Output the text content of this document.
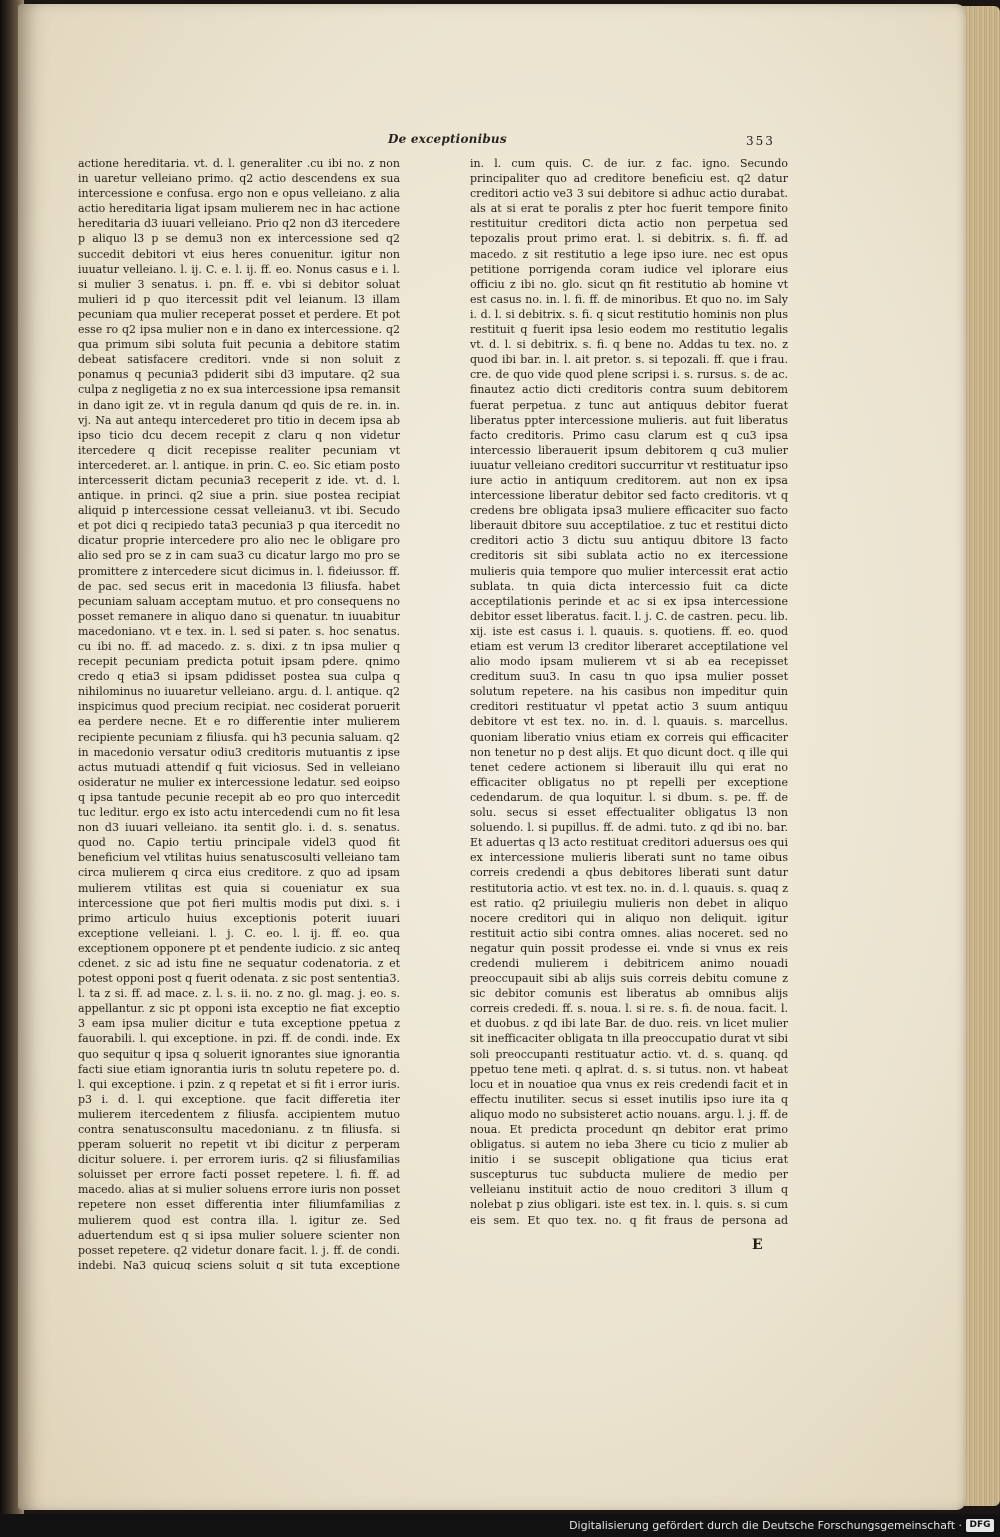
De exceptionibus	353

actione hereditaria. vt. d. l. generaliter .cu ibi no. z non in uaretur velleiano primo. q2 actio descendens ex sua intercessione e confusa. ergo non e opus velleiano. z alia actio hereditaria ligat ipsam mulierem nec in hac actione hereditaria d3 iuuari velleiano. Prio q2 non d3 itercedere p aliquo l3 p se demu3 non ex intercessione sed q2 succedit debitori vt eius heres conuenitur. igitur non iuuatur velleiano. l. ij. C. e. l. ij. ff. eo. Nonus casus e i. l. si mulier 3 senatus. i. pn. ff. e. vbi si debitor soluat mulieri id p quo itercessit pdit vel leianum. l3 illam pecuniam qua mulier receperat posset et perdere. Et pot esse ro q2 ipsa mulier non e in dano ex intercessione. q2 qua primum sibi soluta fuit pecunia a debitore statim debeat satisfacere creditori. vnde si non soluit z ponamus q pecunia3 pdiderit sibi d3 imputare. q2 sua culpa z negligetia z no ex sua intercessione ipsa remansit in dano igit ze. vt in regula danum qd quis de re. in. in. vj. Na aut antequ intercederet pro titio in decem ipsa ab ipso ticio dcu decem recepit z claru q non videtur itercedere q dicit recepisse realiter pecuniam vt intercederet. ar. l. antique. in prin. C. eo. Sic etiam posto intercesserit dictam pecunia3 receperit z ide. vt. d. l. antique. in princi. q2 siue a prin. siue postea recipiat aliquid p intercessione cessat velleianu3. vt ibi. Secudo et pot dici q recipiedo tata3 pecunia3 p qua itercedit no dicatur proprie intercedere pro alio nec le obligare pro alio sed pro se z in cam sua3 cu dicatur largo mo pro se promittere z intercedere sicut dicimus in. l. fideiussor. ff. de pac. sed secus erit in macedonia l3 filiusfa. habet pecuniam saluam acceptam mutuo. et pro consequens no posset remanere in aliquo dano si quenatur. tn iuuabitur macedoniano. vt e tex. in. l. sed si pater. s. hoc senatus. cu ibi no. ff. ad macedo. z. s. dixi. z tn ipsa mulier q recepit pecuniam predicta potuit ipsam pdere. qnimo credo q etia3 si ipsam pdidisset postea sua culpa q nihilominus no iuuaretur velleiano. argu. d. l. antique. q2 inspicimus quod precium recipiat. nec cosiderat poruerit ea perdere necne. Et e ro differentie inter mulierem recipiente pecuniam z filiusfa. qui h3 pecunia saluam. q2 in macedonio versatur odiu3 creditoris mutuantis z ipse actus mutuadi attendif q fuit viciosus. Sed in velleiano osideratur ne mulier ex intercessione ledatur. sed eoipso q ipsa tantude pecunie recepit ab eo pro quo intercedit tuc leditur. ergo ex isto actu intercedendi cum no fit lesa non d3 iuuari velleiano. ita sentit glo. i. d. s. senatus. quod no. Capio tertiu principale videl3 quod fit beneficium vel vtilitas huius senatuscosulti velleiano tam circa mulierem q circa eius creditore. z quo ad ipsam mulierem vtilitas est quia si coueniatur ex sua intercessione que pot fieri multis modis put dixi. s. i primo articulo huius exceptionis poterit iuuari exceptione velleiani. l. j. C. eo. l. ij. ff. eo. qua exceptionem opponere pt et pendente iudicio. z sic anteq cdenet. z sic ad istu fine ne sequatur codenatoria. z et potest opponi post q fuerit odenata. z sic post sententia3. l. ta z si. ff. ad mace. z. l. s. ii. no. z no. gl. mag. j. eo. s. appellantur. z sic pt opponi ista exceptio ne fiat exceptio 3 eam ipsa mulier dicitur e tuta exceptione ppetua z fauorabili. l. qui exceptione. in pzi. ff. de condi. inde. Ex quo sequitur q ipsa q soluerit ignorantes siue ignorantia facti siue etiam ignorantia iuris tn solutu repetere po. d. l. qui exceptione. i pzin. z q repetat et si fit i error iuris. p3 i. d. l. qui exceptione. que facit differetia iter mulierem itercedentem z filiusfa. accipientem mutuo contra senatusconsultu macedonianu. z tn filiusfa. si pperam soluerit no repetit vt ibi dicitur z perperam dicitur soluere. i. per errorem iuris. q2 si filiusfamilias soluisset per errore facti posset repetere. l. fi. ff. ad macedo. alias at si mulier soluens errore iuris non posset repetere non esset differentia inter filiumfamilias z mulierem quod est contra illa. l. igitur ze. Sed aduertendum est q si ipsa mulier soluere scienter non posset repetere. q2 videtur donare facit. l. j. ff. de condi. indebi. Na3 quicuq sciens soluit q sit tuta exceptione

in. l. cum quis. C. de iur. z fac. igno. Secundo principaliter quo ad creditore beneficiu est. q2 datur creditori actio ve3 3 sui debitore si adhuc actio durabat. als at si erat te poralis z pter hoc fuerit tempore finito restituitur creditori dicta actio non perpetua sed tepozalis prout primo erat. l. si debitrix. s. fi. ff. ad macedo. z sit restitutio a lege ipso iure. nec est opus petitione porrigenda coram iudice vel iplorare eius officiu z ibi no. glo. sicut qn fit restitutio ab homine vt est casus no. in. l. fi. ff. de minoribus. Et quo no. im Saly i. d. l. si debitrix. s. fi. q sicut restitutio hominis non plus restituit q fuerit ipsa lesio eodem mo restitutio legalis vt. d. l. si debitrix. s. fi. q bene no. Addas tu tex. no. z quod ibi bar. in. l. ait pretor. s. si tepozali. ff. que i frau. cre. de quo vide quod plene scripsi i. s. rursus. s. de ac. finautez actio dicti creditoris contra suum debitorem fuerat perpetua. z tunc aut antiquus debitor fuerat liberatus ppter intercessione mulieris. aut fuit liberatus facto creditoris. Primo casu clarum est q cu3 ipsa intercessio liberauerit ipsum debitorem q cu3 mulier iuuatur velleiano creditori succurritur vt restituatur ipso iure actio in antiquum creditorem. aut non ex ipsa intercessione liberatur debitor sed facto creditoris. vt q credens bre obligata ipsa3 muliere efficaciter suo facto liberauit dbitore suu acceptilatioe. z tuc et restitui dicto creditori actio 3 dictu suu antiquu dbitore l3 facto creditoris sit sibi sublata actio no ex itercessione mulieris quia tempore quo mulier intercessit erat actio sublata. tn quia dicta intercessio fuit ca dicte acceptilationis perinde et ac si ex ipsa intercessione debitor esset liberatus. facit. l. j. C. de castren. pecu. lib. xij. iste est casus i. l. quauis. s. quotiens. ff. eo. quod etiam est verum l3 creditor liberaret acceptilatione vel alio modo ipsam mulierem vt si ab ea recepisset creditum suu3. In casu tn quo ipsa mulier posset solutum repetere. na his casibus non impeditur quin creditori restituatur vl ppetat actio 3 suum antiquu debitore vt est tex. no. in. d. l. quauis. s. marcellus. quoniam liberatio vnius etiam ex correis qui efficaciter non tenetur no p dest alijs. Et quo dicunt doct. q ille qui tenet cedere actionem si liberauit illu qui erat no efficaciter obligatus no pt repelli per exceptione cedendarum. de qua loquitur. l. si dbum. s. pe. ff. de solu. secus si esset effectualiter obligatus l3 non soluendo. l. si pupillus. ff. de admi. tuto. z qd ibi no. bar. Et aduertas q l3 acto restituat creditori aduersus oes qui ex intercessione mulieris liberati sunt no tame oibus correis credendi a qbus debitores liberati sunt datur restitutoria actio. vt est tex. no. in. d. l. quauis. s. quaq z est ratio. q2 priuilegiu mulieris non debet in aliquo nocere creditori qui in aliquo non deliquit. igitur restituit actio sibi contra omnes. alias noceret. sed no negatur quin possit prodesse ei. vnde si vnus ex reis credendi mulierem i debitricem animo nouadi preoccupauit sibi ab alijs suis correis debitu comune z sic debitor comunis est liberatus ab omnibus alijs correis crededi. ff. s. noua. l. si re. s. fi. de noua. facit. l. et duobus. z qd ibi late Bar. de duo. reis. vn licet mulier sit inefficaciter obligata tn illa preoccupatio durat vt sibi soli preoccupanti restituatur actio. vt. d. s. quanq. qd ppetuo tene meti. q aplrat. d. s. si tutus. non. vt habeat locu et in nouatioe qua vnus ex reis credendi facit et in effectu inutiliter. secus si esset inutilis ipso iure ita q aliquo modo no subsisteret actio nouans. argu. l. j. ff. de noua. Et predicta procedunt qn debitor erat primo obligatus. si autem no ieba 3here cu ticio z mulier ab initio i se suscepit obligatione qua ticius erat suscepturus tuc subducta muliere de medio per velleianu instituit actio de nouo creditori 3 illum q nolebat p zius obligari. iste est tex. in. l. quis. s. si cum eis sem. Et quo tex. no. q fit fraus de persona ad

E
Digitalisierung gefördert durch die Deutsche Forschungsgemeinschaft · DFG
